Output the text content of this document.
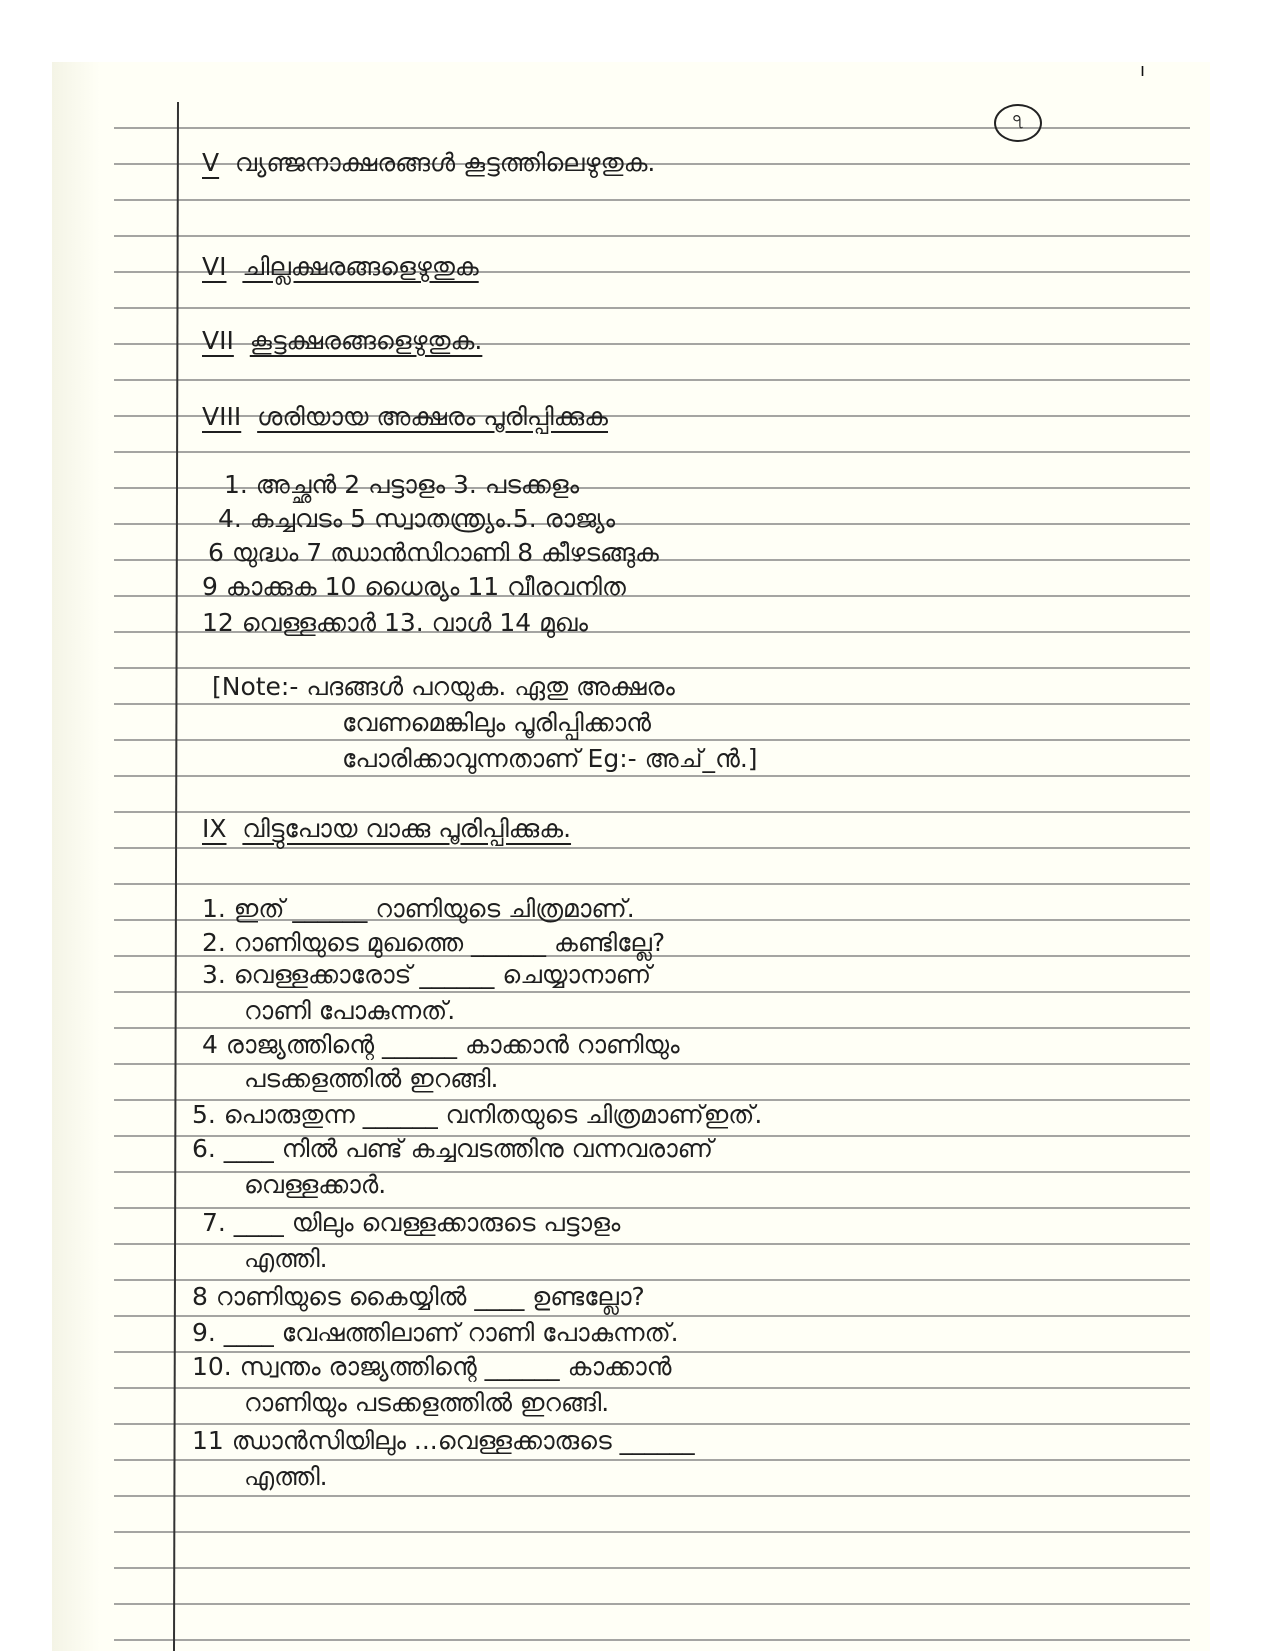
৭
ı
V വ്യഞ്ജനാക്ഷരങ്ങൾ കൂട്ടത്തിലെഴുതുക.
VI ചില്ലക്ഷരങ്ങളെഴുതുക
VII കൂട്ടക്ഷരങ്ങളെഴുതുക.
VIII ശരിയായ അക്ഷരം പൂരിപ്പിക്കുക
1. അച്ഛൻ 2 പട്ടാളം 3. പടക്കളം
4. കച്ചവടം 5 സ്വാതന്ത്ര്യം.5. രാജ്യം
6 യുദ്ധം 7 ഝാൻസിറാണി 8 കീഴടങ്ങുക
9 കാക്കുക 10 ധൈര്യം 11 വീരവനിത
12 വെള്ളക്കാർ 13. വാൾ 14 മുഖം
[Note:- പദങ്ങൾ പറയുക. ഏതു അക്ഷരം
വേണമെങ്കിലും പൂരിപ്പിക്കാൻ
പോരിക്കാവുന്നതാണ് Eg:- അച്_ൻ.]
IX വിട്ടുപോയ വാക്കു പൂരിപ്പിക്കുക.
1. ഇത് ______ റാണിയുടെ ചിത്രമാണ്.
2. റാണിയുടെ മുഖത്തെ ______ കണ്ടില്ലേ?
3. വെള്ളക്കാരോട് ______ ചെയ്യാനാണ്
റാണി പോകുന്നത്.
4 രാജ്യത്തിന്റെ ______ കാക്കാൻ റാണിയും
പടക്കളത്തിൽ ഇറങ്ങി.
5. പൊരുതുന്ന ______ വനിതയുടെ ചിത്രമാണ്ഇത്.
6. ____ നിൽ പണ്ട് കച്ചവടത്തിനു വന്നവരാണ്
വെള്ളക്കാർ.
7. ____ യിലും വെള്ളക്കാരുടെ പട്ടാളം
എത്തി.
8 റാണിയുടെ കൈയ്യിൽ ____ ഉണ്ടല്ലോ?
9. ____ വേഷത്തിലാണ് റാണി പോകുന്നത്.
10. സ്വന്തം രാജ്യത്തിന്റെ ______ കാക്കാൻ
റാണിയും പടക്കളത്തിൽ ഇറങ്ങി.
11 ഝാൻസിയിലും ...വെള്ളക്കാരുടെ ______
എത്തി.
